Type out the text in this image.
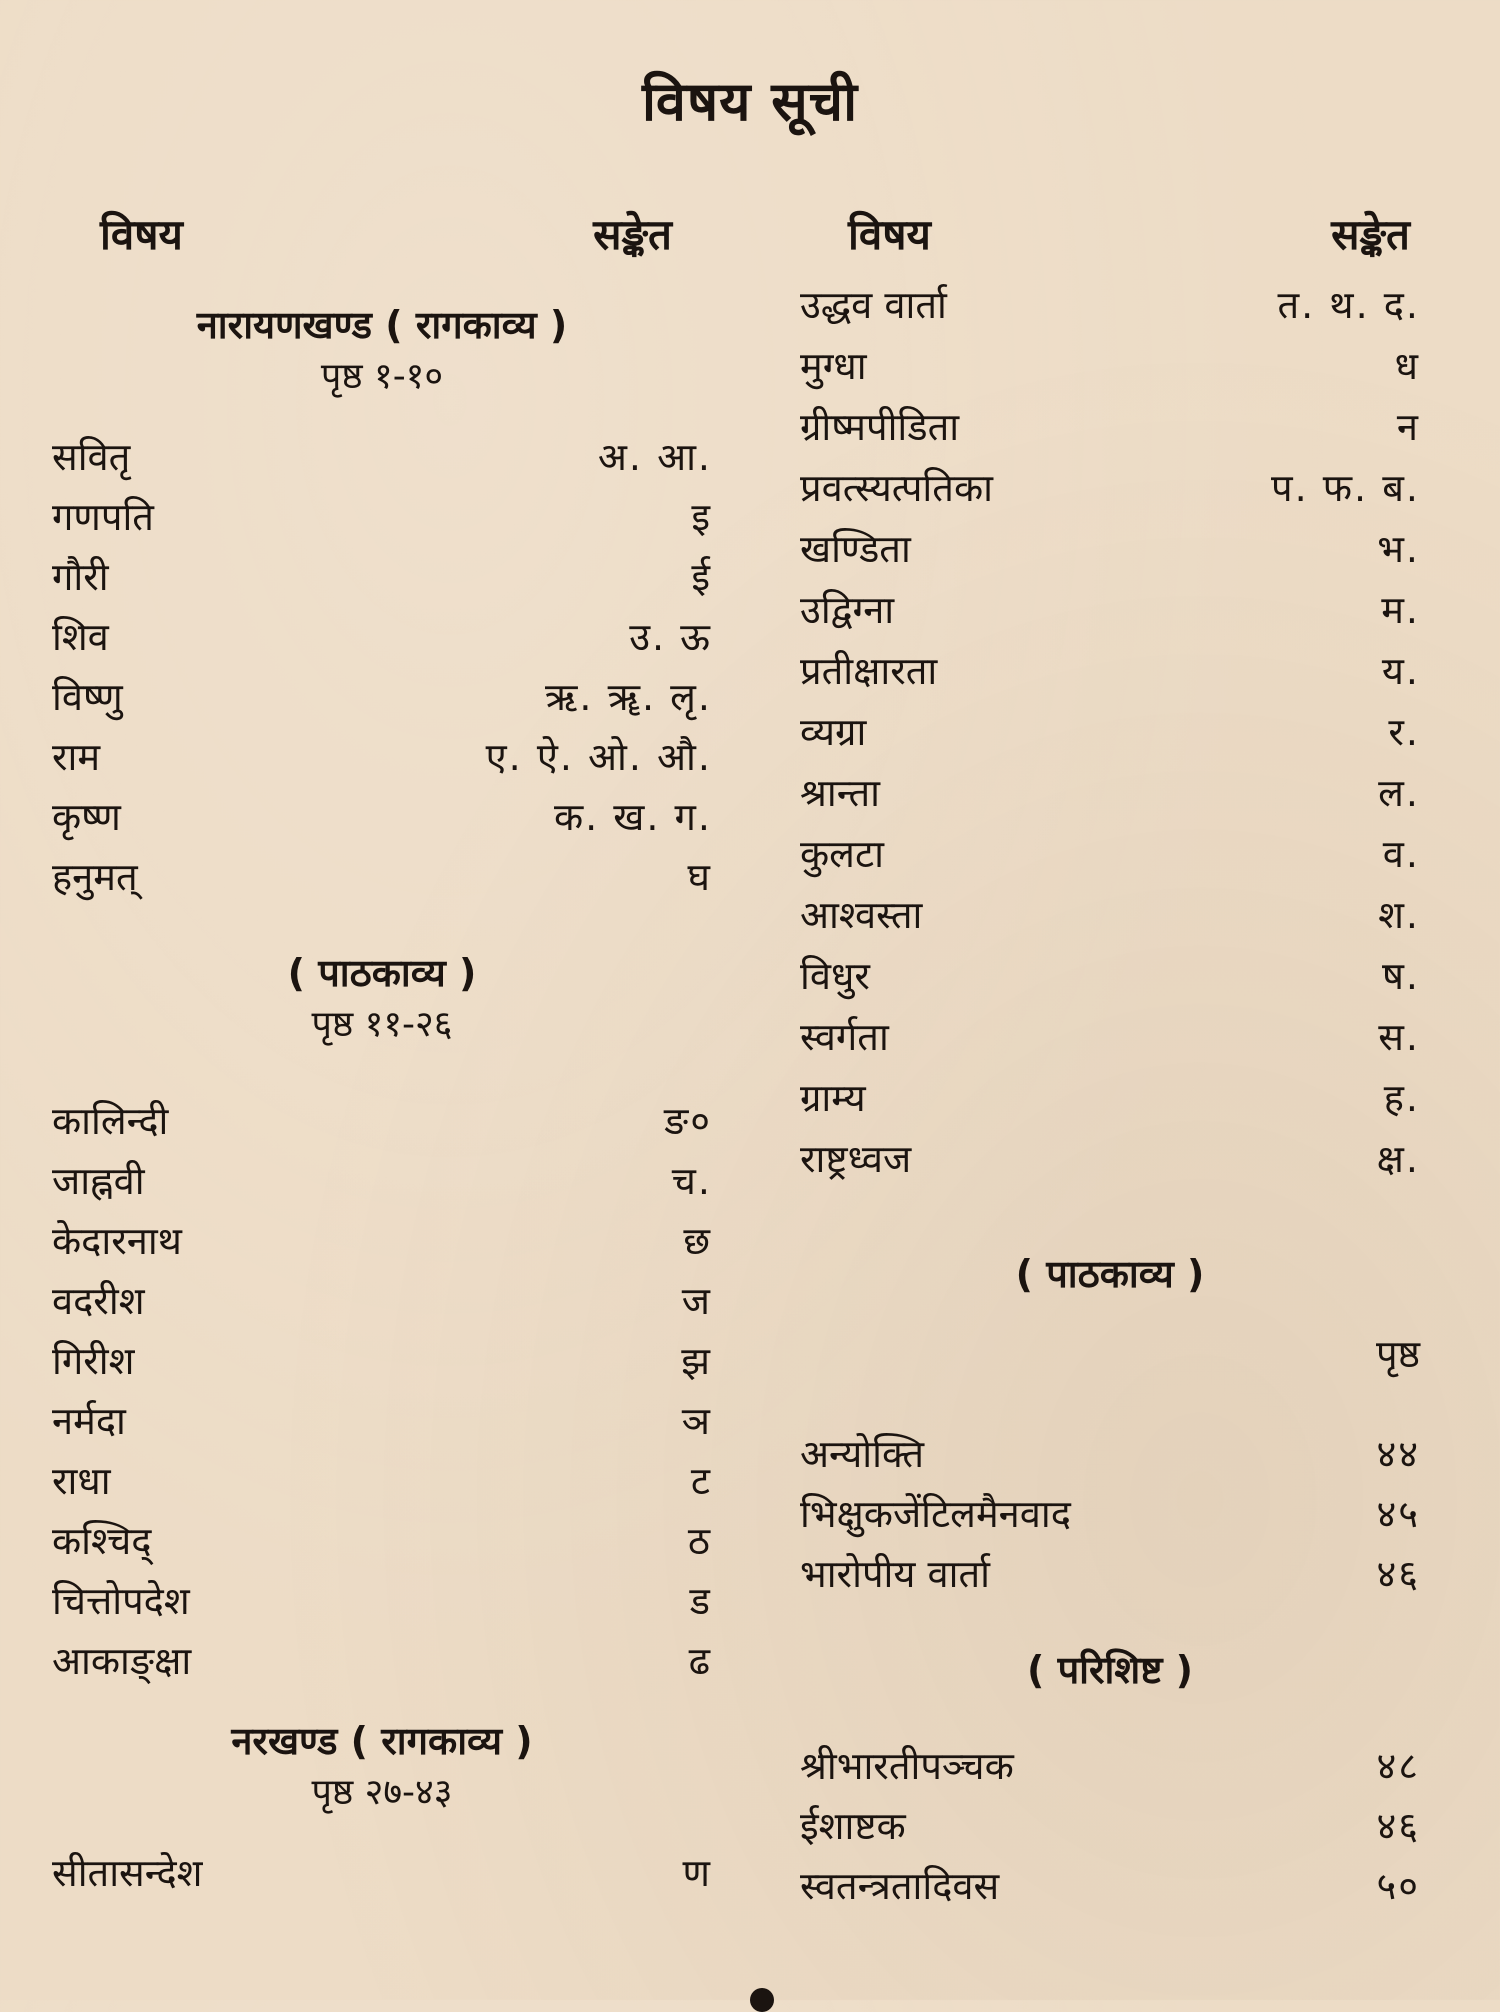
विषय सूची
विषय	सङ्केत
नारायणखण्ड ( रागकाव्य )
पृष्ठ १-१०
सवितृ	अ. आ.
गणपति	इ
गौरी	ई
शिव	उ. ऊ
विष्णु	ऋ. ॠ. लृ.
राम	ए. ऐ. ओ. औ.
कृष्ण	क. ख. ग.
हनुमत्	घ
( पाठकाव्य )
पृष्ठ ११-२६
कालिन्दी	ङ०
जाह्नवी	च.
केदारनाथ	छ
वदरीश	ज
गिरीश	झ
नर्मदा	ञ
राधा	ट
कश्चिद्	ठ
चित्तोपदेश	ड
आकाङ्क्षा	ढ
नरखण्ड ( रागकाव्य )
पृष्ठ २७-४३
सीतासन्देश	ण
विषय	सङ्केत
उद्धव वार्ता	त. थ. द.
मुग्धा	ध
ग्रीष्मपीडिता	न
प्रवत्स्यत्पतिका	प. फ. ब.
खण्डिता	भ.
उद्विग्ना	म.
प्रतीक्षारता	य.
व्यग्रा	र.
श्रान्ता	ल.
कुलटा	व.
आश्वस्ता	श.
विधुर	ष.
स्वर्गता	स.
ग्राम्य	ह.
राष्ट्रध्वज	क्ष.
( पाठकाव्य )
पृष्ठ
अन्योक्ति	४४
भिक्षुकजेंटिलमैनवाद	४५
भारोपीय वार्ता	४६
( परिशिष्ट )
श्रीभारतीपञ्चक	४८
ईशाष्टक	४६
स्वतन्त्रतादिवस	५०
